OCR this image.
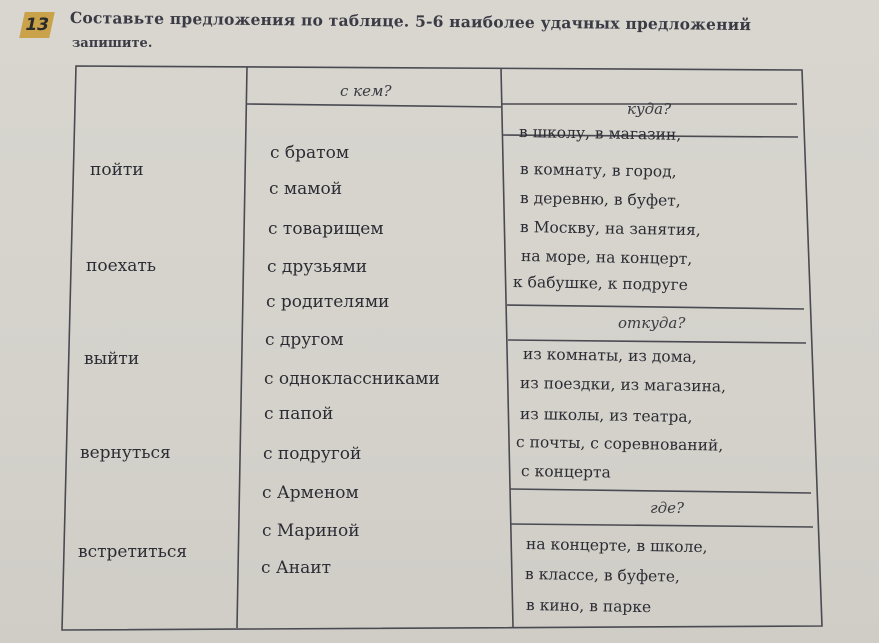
13 Составьте предложения по таблице. 5-6 наиболее удачных предложений
запишите.
пойти
поехать
выйти
вернуться
встретиться
с кем?
с братом
с мамой
с товарищем
с друзьями
с родителями
с другом
с одноклассниками
с папой
с подругой
с Арменом
с Мариной
с Анаит
куда?
в школу, в магазин,
в комнату, в город,
в деревню, в буфет,
в Москву, на занятия,
на море, на концерт,
к бабушке, к подруге
откуда?
из комнаты, из дома,
из поездки, из магазина,
из школы, из театра,
с почты, с соревнований,
с концерта
где?
на концерте, в школе,
в классе, в буфете,
в кино, в парке
